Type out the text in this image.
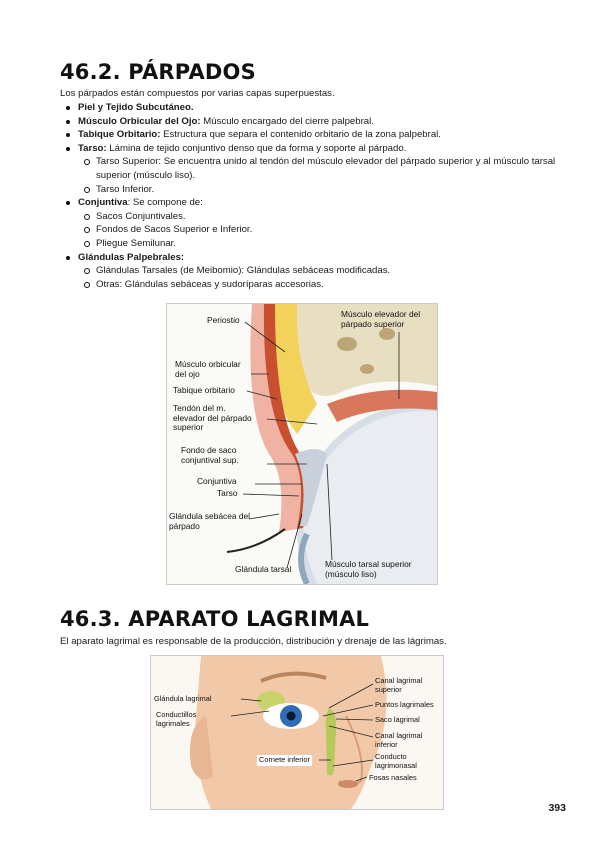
46.2. PÁRPADOS

Los párpados están compuestos por varias capas superpuestas.

Piel y Tejido Subcutáneo.
Músculo Orbicular del Ojo: Músculo encargado del cierre palpebral.
Tabique Orbitario: Estructura que separa el contenido orbitario de la zona palpebral.
Tarso: Lámina de tejido conjuntivo denso que da forma y soporte al párpado.
Tarso Superior: Se encuentra unido al tendón del músculo elevador del párpado superior y al músculo tarsal superior (músculo liso).
Tarso Inferior.
Conjuntiva: Se compone de:
Sacos Conjuntivales.
Fondos de Sacos Superior e Inferior.
Pliegue Semilunar.
Glándulas Palpebrales:
Glándulas Tarsales (de Meibomio): Glándulas sebáceas modificadas.
Otras: Glándulas sebáceas y sudoríparas accesorias.
Periostio
Músculo elevador del párpado superior
Músculo orbicular del ojo
Tabique orbitario
Tendón del m. elevador del párpado superior
Fondo de saco conjuntival sup.
Conjuntiva
Tarso
Glándula sebácea del párpado
Glándula tarsal	Músculo tarsal superior (músculo liso)
46.3. APARATO LAGRIMAL

El aparato lagrimal es responsable de la producción, distribución y drenaje de las lágrimas.

Glándula lagrimal
Conductillos lagrimales
Canal lagrimal superior
Puntos lagrimales
Saco lagrimal
Canal lagrimal inferior
Conducto lagrimonasal
Cornete inferior
Fosas nasales
393
